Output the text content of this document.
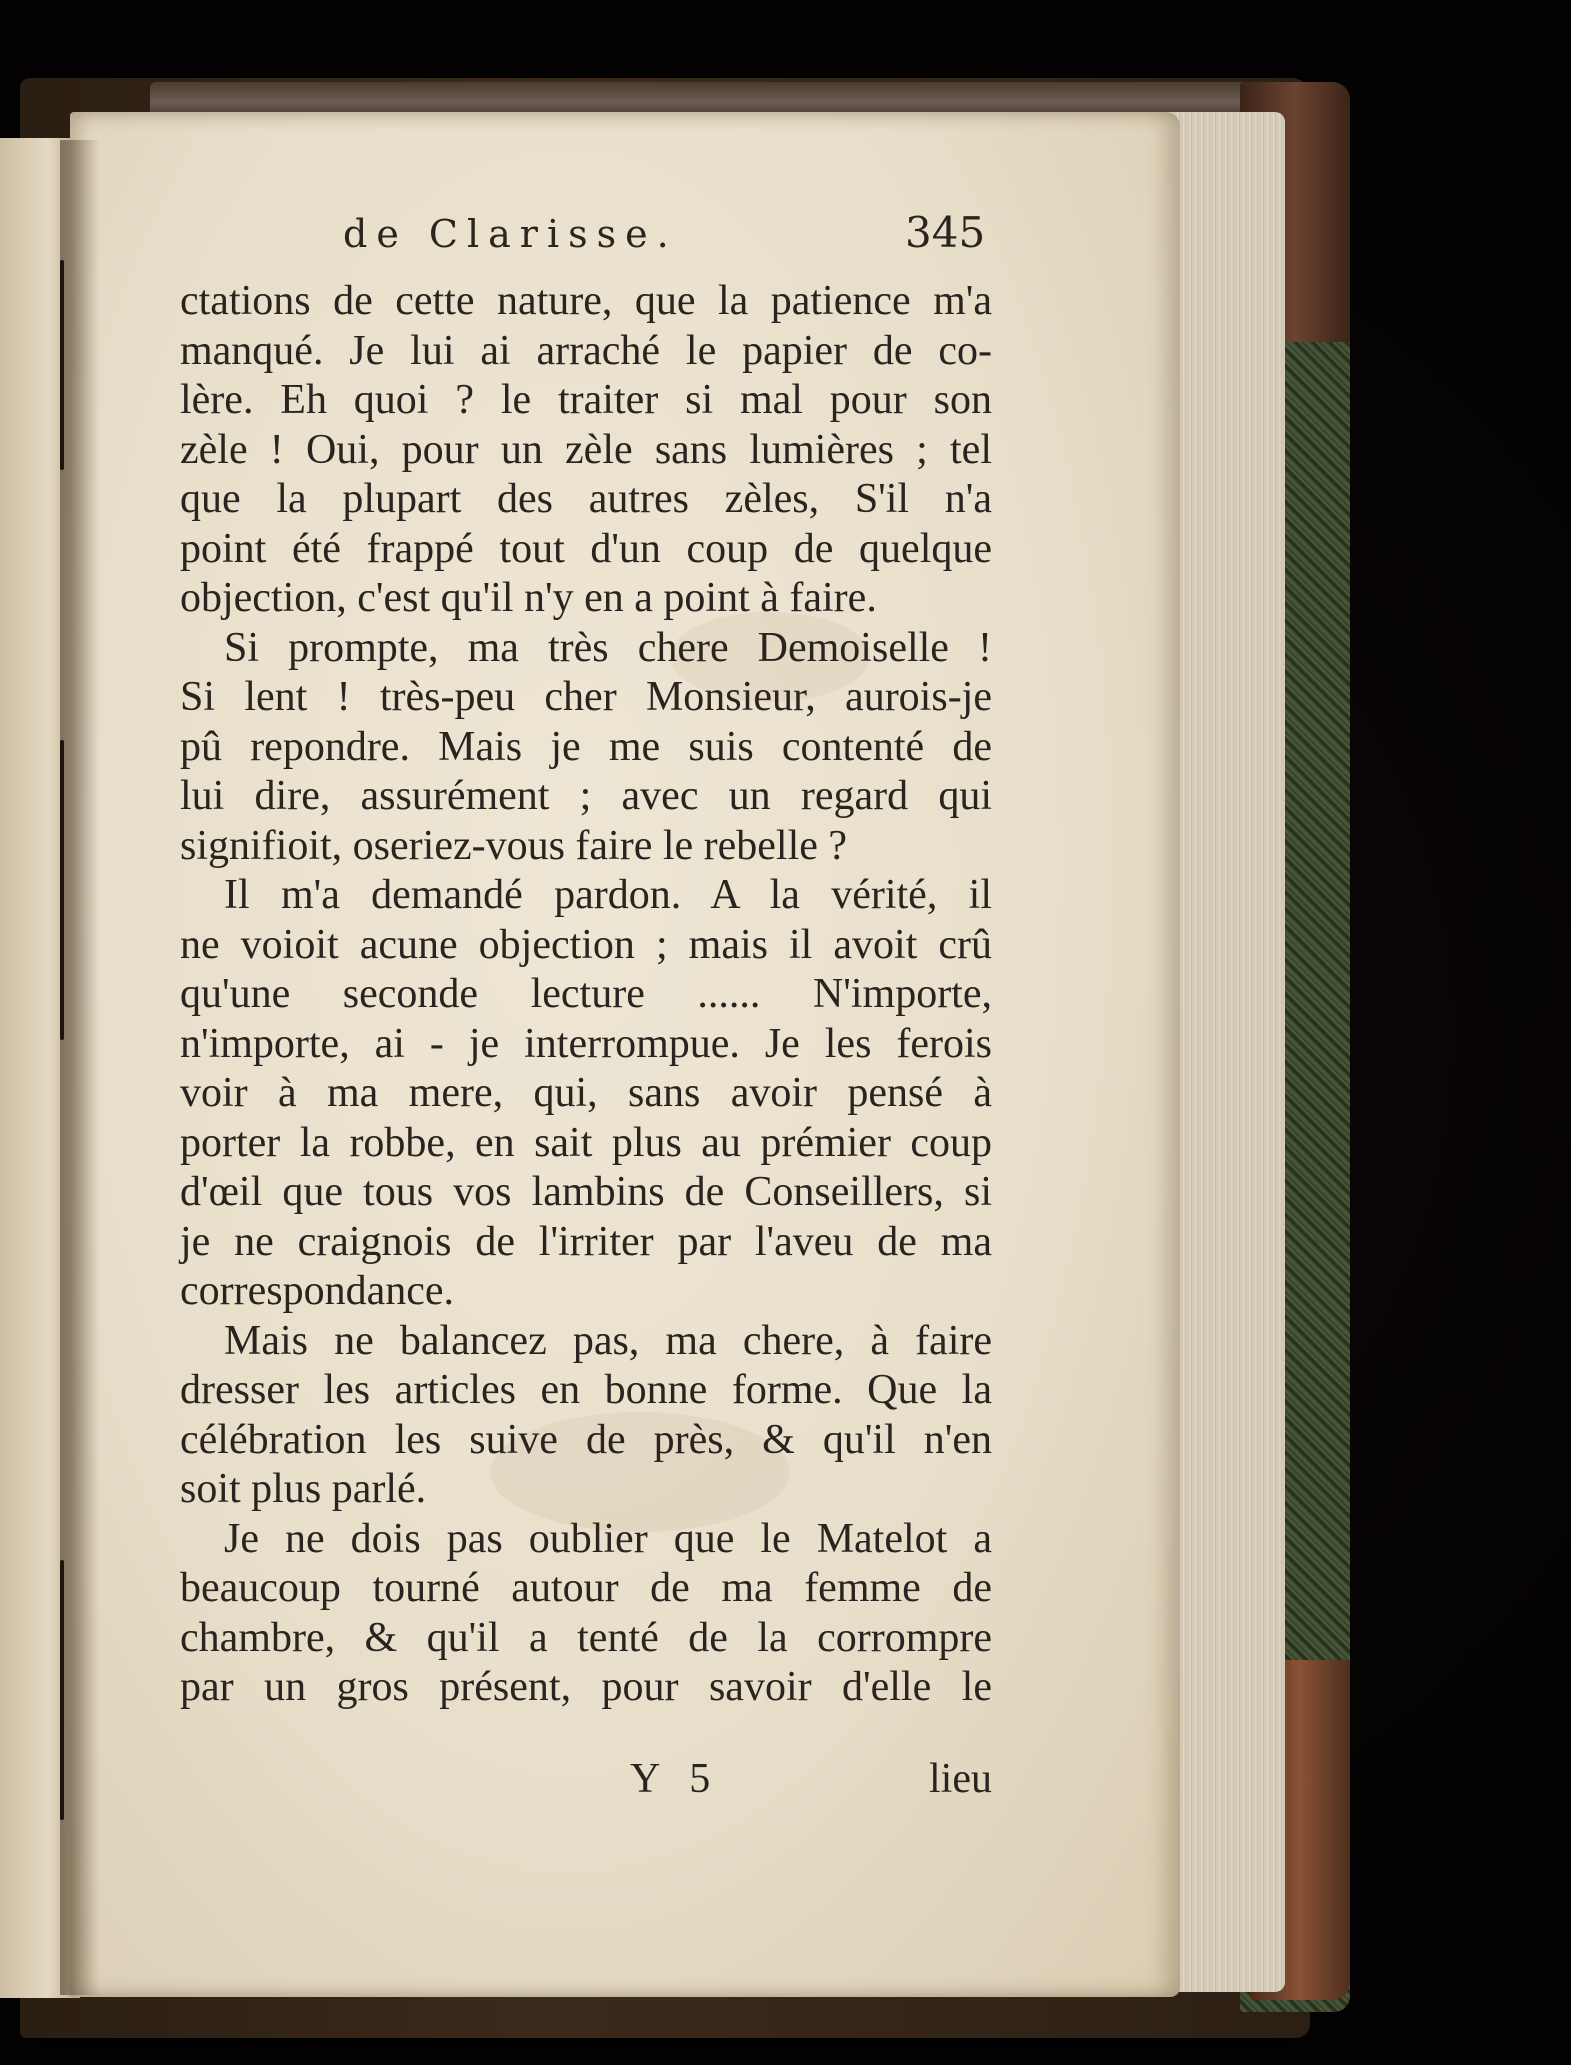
de Clarisse.	345
ctations de cette nature, que la patience m'a
manqué. Je lui ai arraché le papier de co-
lère. Eh quoi ? le traiter si mal pour son
zèle ! Oui, pour un zèle sans lumières ; tel
que la plupart des autres zèles, S'il n'a
point été frappé tout d'un coup de quelque
objection, c'est qu'il n'y en a point à faire.
Si prompte, ma très chere Demoiselle !
Si lent ! très-peu cher Monsieur, aurois-je
pû repondre. Mais je me suis contenté de
lui dire, assurément ; avec un regard qui
signifioit, oseriez-vous faire le rebelle ?
Il m'a demandé pardon. A la vérité, il
ne voioit acune objection ; mais il avoit crû
qu'une seconde lecture ...... N'importe,
n'importe, ai - je interrompue. Je les ferois
voir à ma mere, qui, sans avoir pensé à
porter la robbe, en sait plus au prémier coup
d'œil que tous vos lambins de Conseillers, si
je ne craignois de l'irriter par l'aveu de ma
correspondance.
Mais ne balancez pas, ma chere, à faire
dresser les articles en bonne forme. Que la
célébration les suive de près, & qu'il n'en
soit plus parlé.
Je ne dois pas oublier que le Matelot a
beaucoup tourné autour de ma femme de
chambre, & qu'il a tenté de la corrompre
par un gros présent, pour savoir d'elle le
Y 5	lieu
